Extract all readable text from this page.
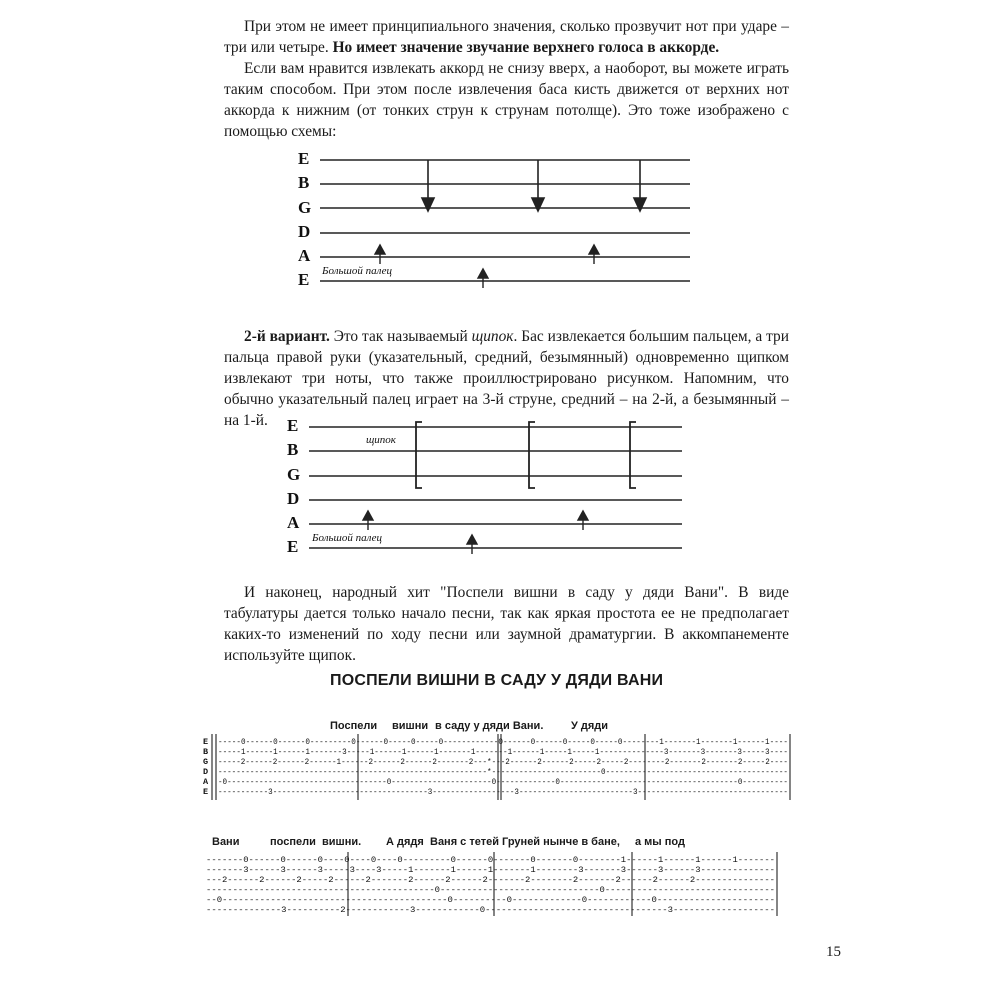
При этом не имеет принципиального значения, сколько прозвучит нот при ударе – три или четыре. Но имеет значение звучание верхнего голоса в аккорде.

Если вам нравится извлекать аккорд не снизу вверх, а наоборот, вы можете играть таким способом. При этом после извлечения баса кисть движется от верхних нот аккорда к нижним (от тонких струн к струнам потолще). Это тоже изображено с помощью схемы:

E
B
G
D
A
E Большой палец

2-й вариант. Это так называемый щипок. Бас извлекается большим пальцем, а три пальца правой руки (указательный, средний, безымянный) одновременно щипком извлекают три ноты, что также проиллюстрировано рисунком. Напомним, что обычно указательный палец играет на 3-й струне, средний – на 2-й, а безымянный – на 1-й.	E
B
G
D
A
E
щипок
Большой палец

И наконец, народный хит "Поспели вишни в саду у дяди Вани". В виде табулатуры дается только начало песни, так как яркая простота ее не предполагает каких-то изменений по ходу песни или заумной драматургии. В аккомпанементе используйте щипок.

ПОСПЕЛИ ВИШНИ В САДУ У ДЯДИ ВАНИ
Поспели вишни в саду у дяди Вани.	У дяди
E
B
G
D
A
E
-----0------0------0---------0------0-----0-----0------------0------0------0-----0-----0--------1-------1-------1------1----
-----1------1------1-------3-----1------1------1-------1-------1------1-----1-----1--------------3-------3-------3-----3----
-----2------2------2------1------2------2------2-------2---*---2------2------2-----2-----2--------2-------2-------2-----2----
-----------------------------------------------------------*------------------------0----------------------------------------
-0-----------------------------------0----------------------0-------------0---------------------------------------0----------
-----------3----------------------------------3------------------3-------------------------3---------------------------------
Вани	поспели вишни. А дядя Ваня с тетей Груней нынче в бане, а мы под
-------0------0------0----0----0----0---------0------0-------0-------0--------1------1------1------1-------
-------3------3------3-----3----3-----1-------1------1-------1--------3-------3------3------3--------------
---2------2------2-----2------2-------2------2------2-------2--------2-------2------2------2---------------
-------------------------------------------0------------------------------0--------------------------------
--0------------------------------------------0----------0-------------0------------0----------------------
--------------3----------2------------3------------0----------------------------------3-------------------
15
